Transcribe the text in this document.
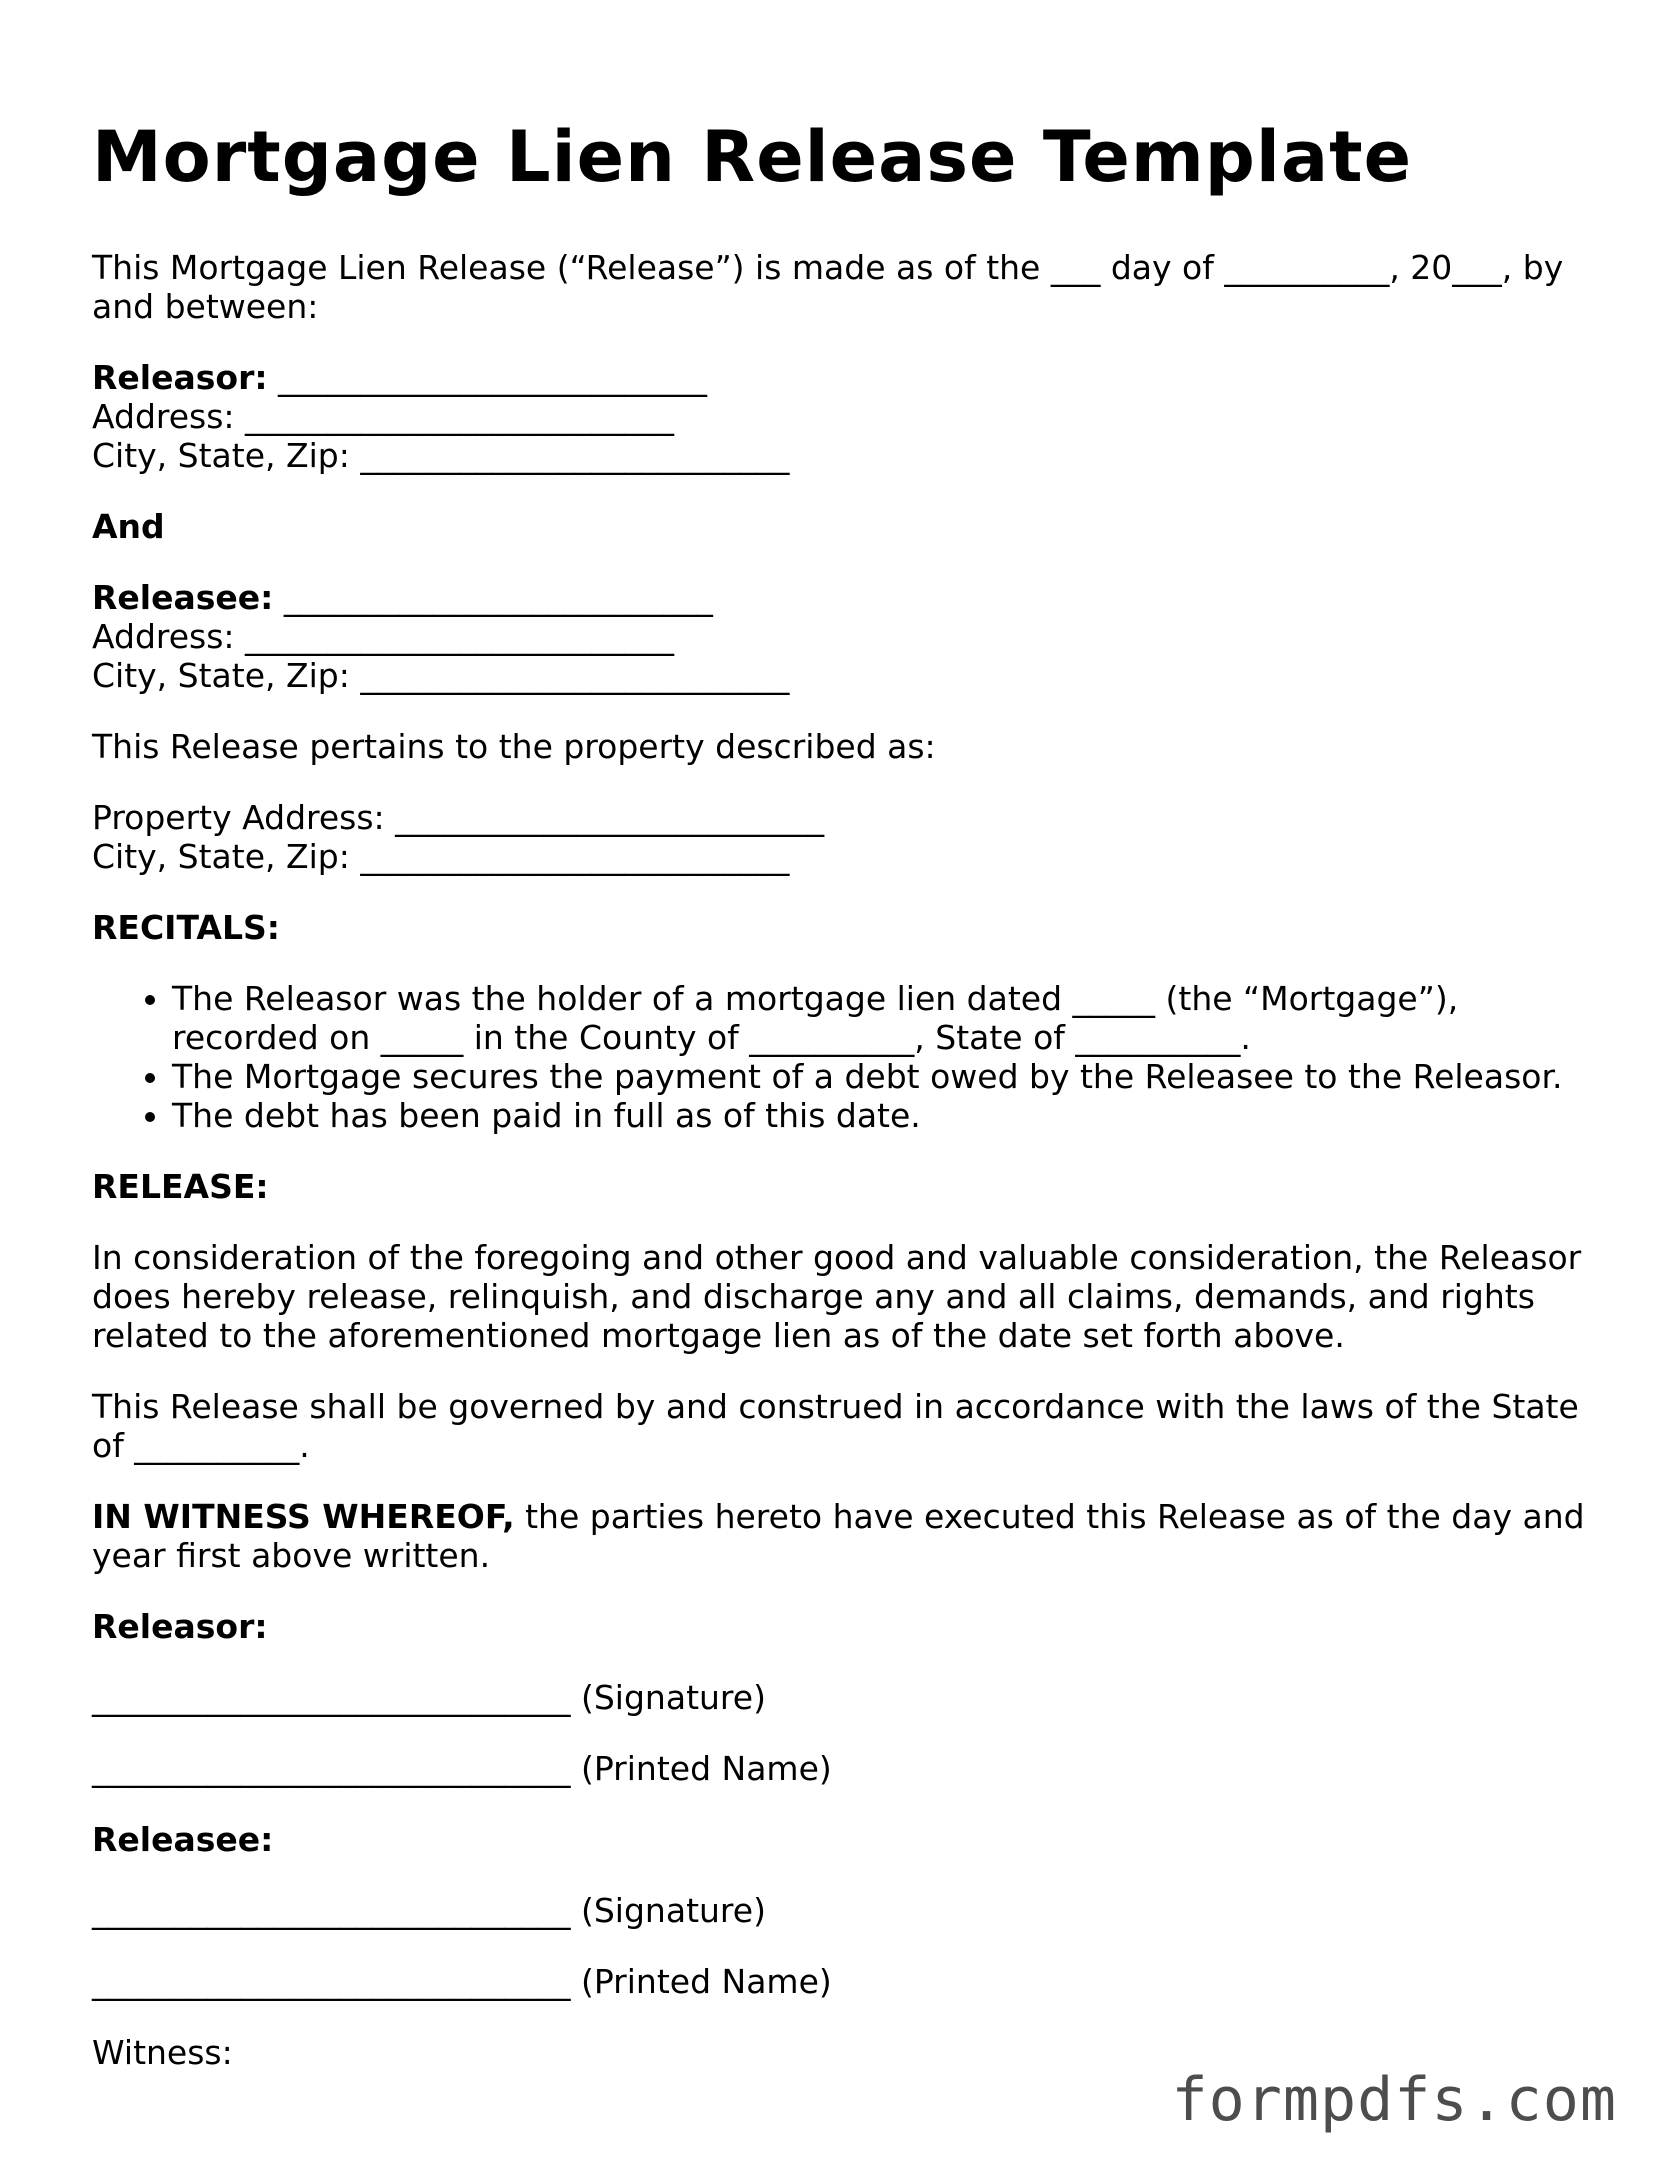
Mortgage Lien Release Template

This Mortgage Lien Release (“Release”) is made as of the ___ day of __________, 20___, by
and between:

Releasor: __________________________
Address: __________________________
City, State, Zip: __________________________

And

Releasee: __________________________
Address: __________________________
City, State, Zip: __________________________

This Release pertains to the property described as:

Property Address: __________________________
City, State, Zip: __________________________

RECITALS:

• The Releasor was the holder of a mortgage lien dated _____ (the “Mortgage”),
recorded on _____ in the County of __________, State of __________.
• The Mortgage secures the payment of a debt owed by the Releasee to the Releasor.
• The debt has been paid in full as of this date.

RELEASE:

In consideration of the foregoing and other good and valuable consideration, the Releasor
does hereby release, relinquish, and discharge any and all claims, demands, and rights
related to the aforementioned mortgage lien as of the date set forth above.

This Release shall be governed by and construed in accordance with the laws of the State
of __________.

IN WITNESS WHEREOF, the parties hereto have executed this Release as of the day and
year first above written.

Releasor:

_____________________________ (Signature)
_____________________________ (Printed Name)

Releasee:

_____________________________ (Signature)
_____________________________ (Printed Name)

Witness:

formpdfs.com
